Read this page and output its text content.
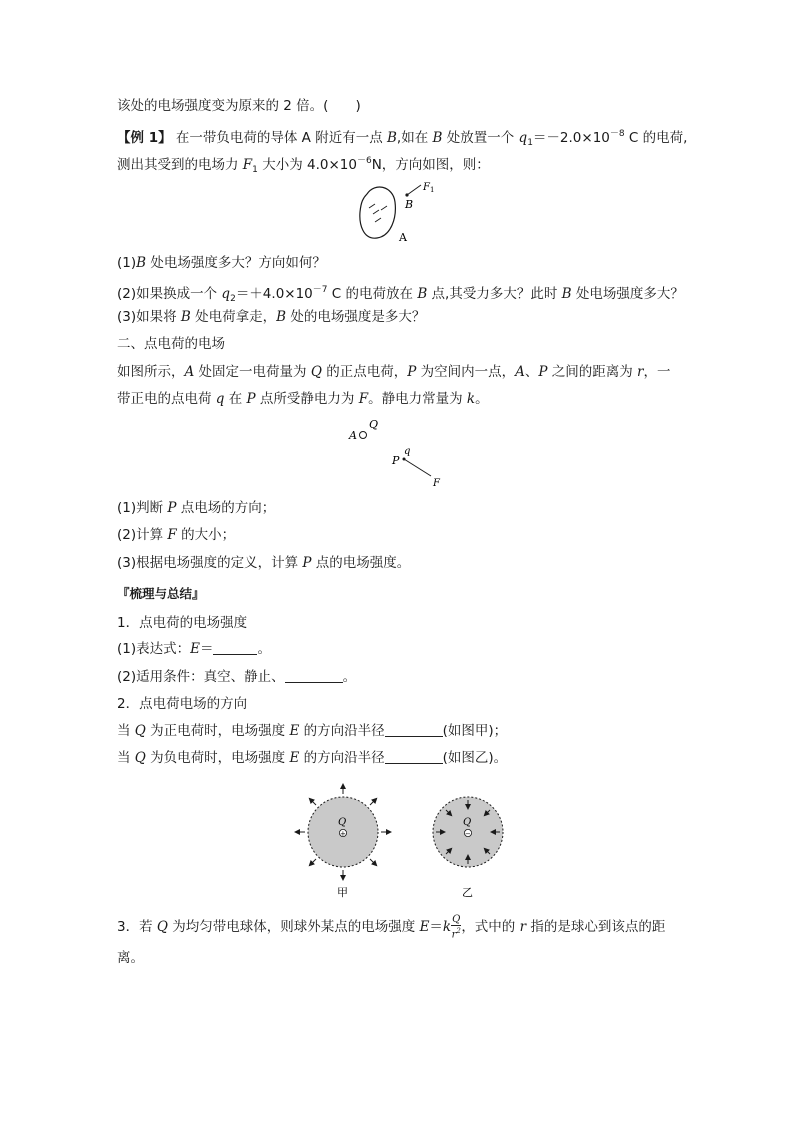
该处的电场强度变为原来的 2 倍。(　　)
【例 1】 在一带负电荷的导体 A 附近有一点 B,如在 B 处放置一个 $q_1=-2.0\times 10^{-8}$ C 的电荷,
测出其受到的电场力 $F_1$ 大小为 $4.0\times 10^{-6}N$，方向如图，则：
B
$F_1$
A
(1)B 处电场强度多大？方向如何？
(2)如果换成一个 $q_2=+4.0\times 10^{-7}$ C 的电荷放在 B 点,其受力多大？此时 B 处电场强度多大？
(3)如果将 B 处电荷拿走，B 处的电场强度是多大？
二、点电荷的电场
如图所示，A 处固定一电荷量为 Q 的正点电荷，P 为空间内一点，A、P 之间的距离为 r，一
带正电的点电荷 q 在 P 点所受静电力为 F。静电力常量为 k。
A
Q
P
q
F
(1)判断 P 点电场的方向；
(2)计算 F 的大小；
(3)根据电场强度的定义，计算 P 点的电场强度。
『梳理与总结』
1．点电荷的电场强度
(1)表达式：E＝	。
(2)适用条件：真空、静止、	。
2．点电荷电场的方向
当 Q 为正电荷时，电场强度 E 的方向沿半径	(如图甲)；
当 Q 为负电荷时，电场强度 E 的方向沿半径	(如图乙)。
Q
+
甲
Q
−
乙
3．若 Q 为均匀带电球体，则球外某点的电场强度 $E=k \frac{Q}{r^2}$ ，式中的 r 指的是球心到该点的距
离。
